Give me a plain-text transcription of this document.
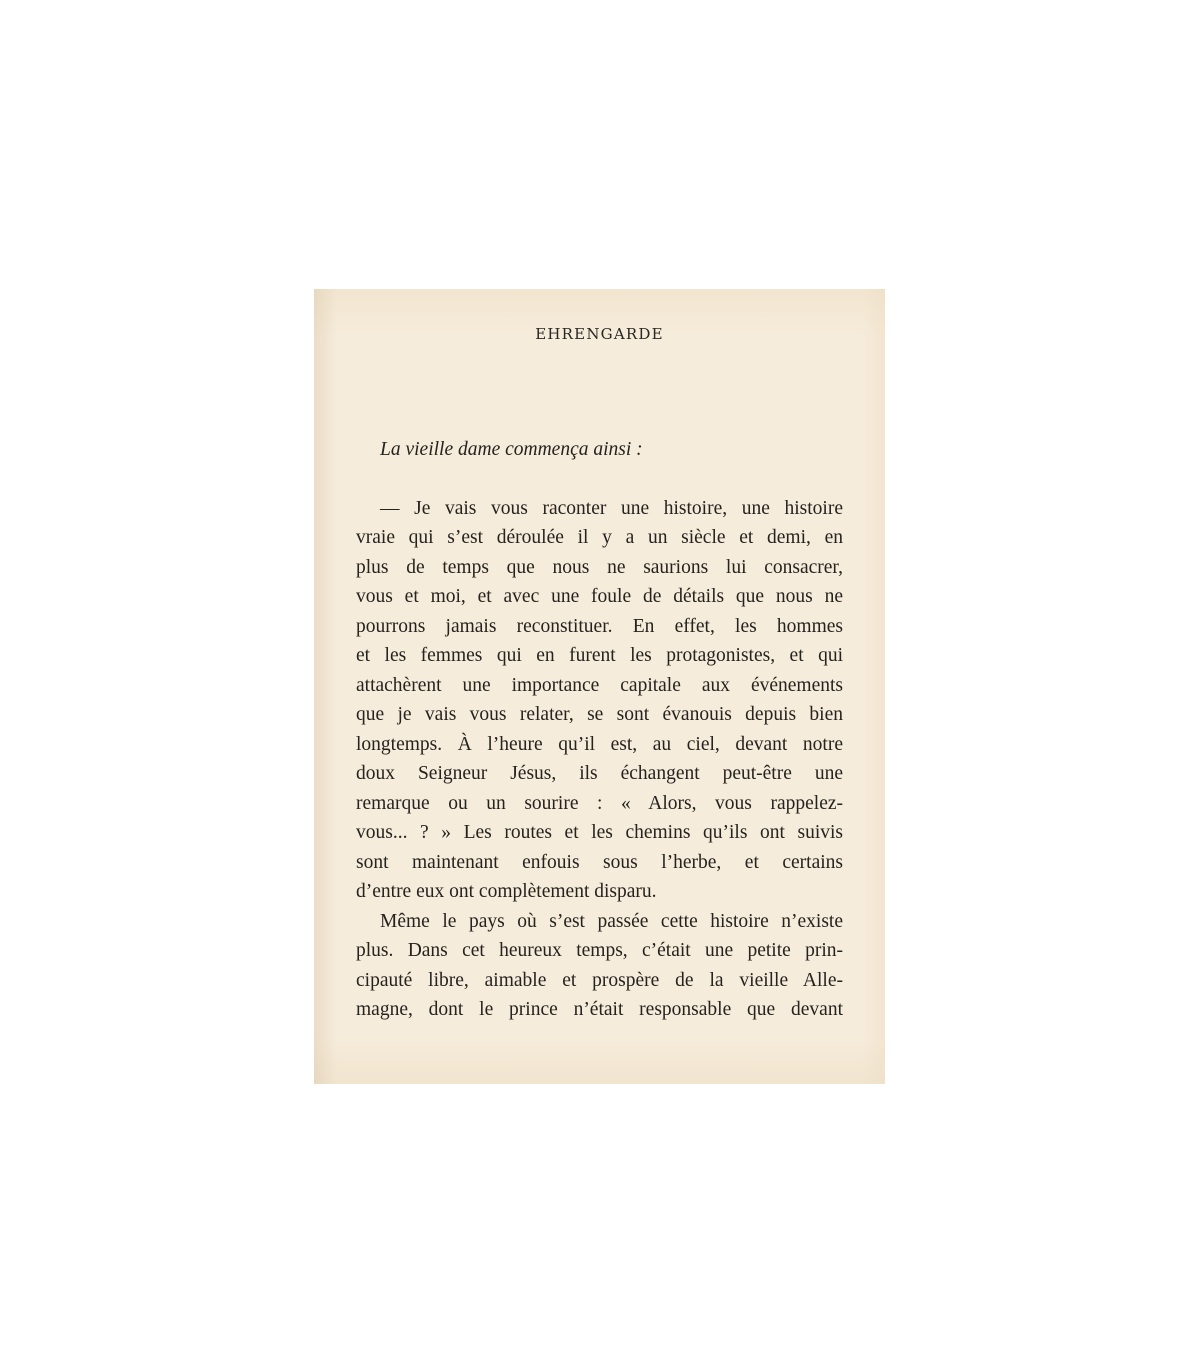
EHRENGARDE
La vieille dame commença ainsi :
— Je vais vous raconter une histoire, une histoire
vraie qui s’est déroulée il y a un siècle et demi, en
plus de temps que nous ne saurions lui consacrer,
vous et moi, et avec une foule de détails que nous ne
pourrons jamais reconstituer. En effet, les hommes
et les femmes qui en furent les protagonistes, et qui
attachèrent une importance capitale aux événements
que je vais vous relater, se sont évanouis depuis bien
longtemps. À l’heure qu’il est, au ciel, devant notre
doux Seigneur Jésus, ils échangent peut-être une
remarque ou un sourire : « Alors, vous rappelez-
vous... ? » Les routes et les chemins qu’ils ont suivis
sont maintenant enfouis sous l’herbe, et certains
d’entre eux ont complètement disparu.
Même le pays où s’est passée cette histoire n’existe
plus. Dans cet heureux temps, c’était une petite prin-
cipauté libre, aimable et prospère de la vieille Alle-
magne, dont le prince n’était responsable que devant
